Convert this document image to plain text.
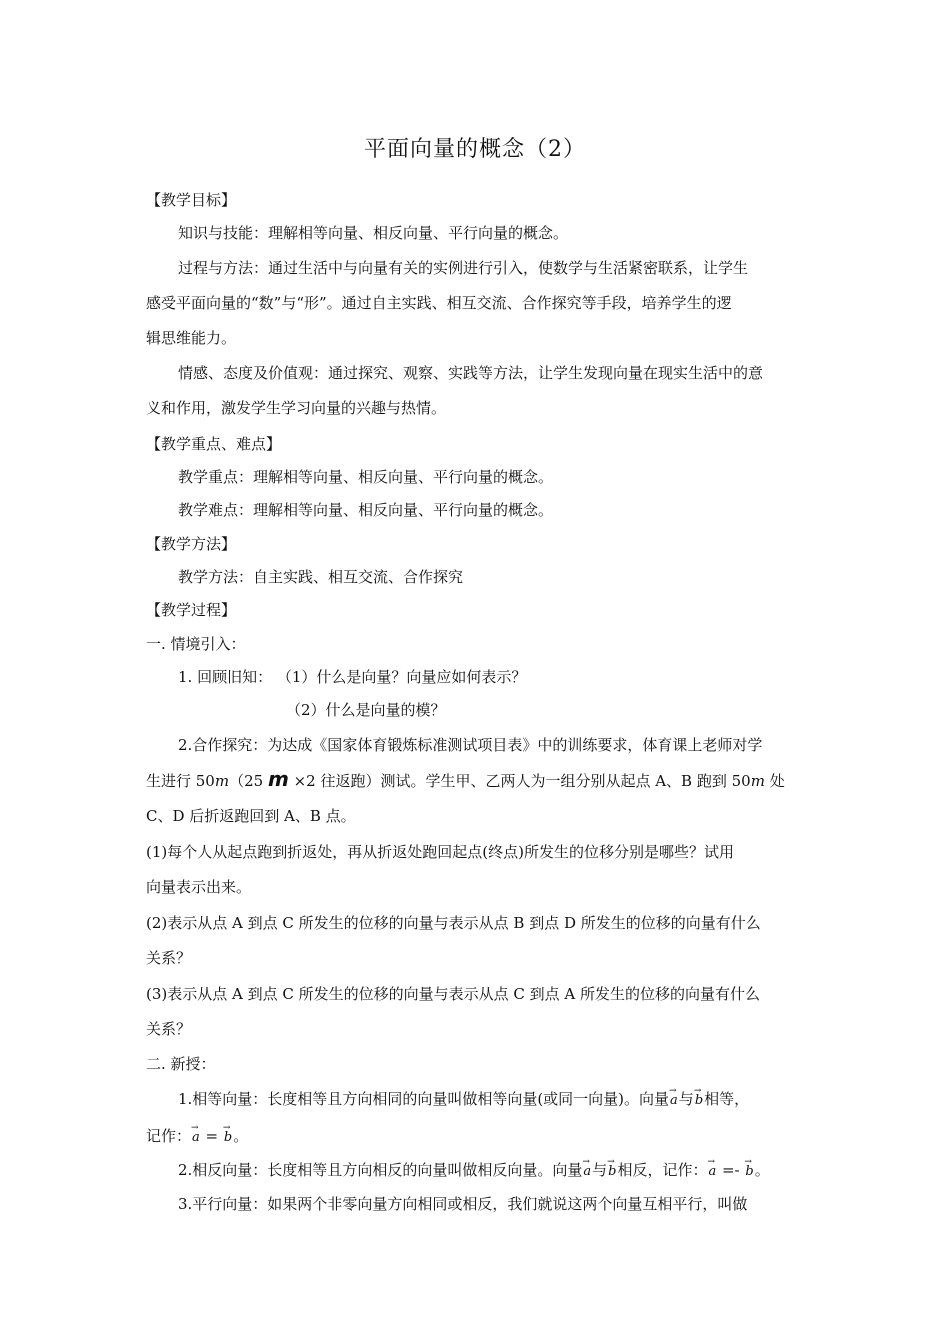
平面向量的概念（2）
【教学目标】
知识与技能：理解相等向量、相反向量、平行向量的概念。
过程与方法：通过生活中与向量有关的实例进行引入，使数学与生活紧密联系，让学生
感受平面向量的“数”与“形”。通过自主实践、相互交流、合作探究等手段，培养学生的逻
辑思维能力。
情感、态度及价值观：通过探究、观察、实践等方法，让学生发现向量在现实生活中的意
义和作用，激发学生学习向量的兴趣与热情。
【教学重点、难点】
教学重点：理解相等向量、相反向量、平行向量的概念。
教学难点：理解相等向量、相反向量、平行向量的概念。
【教学方法】
教学方法：自主实践、相互交流、合作探究
【教学过程】
一. 情境引入：
1. 回顾旧知： （1）什么是向量？向量应如何表示？
（2）什么是向量的模？
2.合作探究：为达成《国家体育锻炼标准测试项目表》中的训练要求，体育课上老师对学
生进行 50m（25 m ×2 往返跑）测试。学生甲、乙两人为一组分别从起点 A、B 跑到 50m 处
C、D 后折返跑回到 A、B 点。
(1)每个人从起点跑到折返处，再从折返处跑回起点(终点)所发生的位移分别是哪些？试用
向量表示出来。
(2)表示从点 A 到点 C 所发生的位移的向量与表示从点 B 到点 D 所发生的位移的向量有什么
关系？
(3)表示从点 A 到点 C 所发生的位移的向量与表示从点 C 到点 A 所发生的位移的向量有什么
关系？
二. 新授：
1.相等向量：长度相等且方向相同的向量叫做相等向量(或同一向量)。向量→ a与→ b相等，
记作：→ a = → b。
2.相反向量：长度相等且方向相反的向量叫做相反向量。向量→ a与→ b相反，记作：→ a =- → b。
3.平行向量：如果两个非零向量方向相同或相反，我们就说这两个向量互相平行，叫做
